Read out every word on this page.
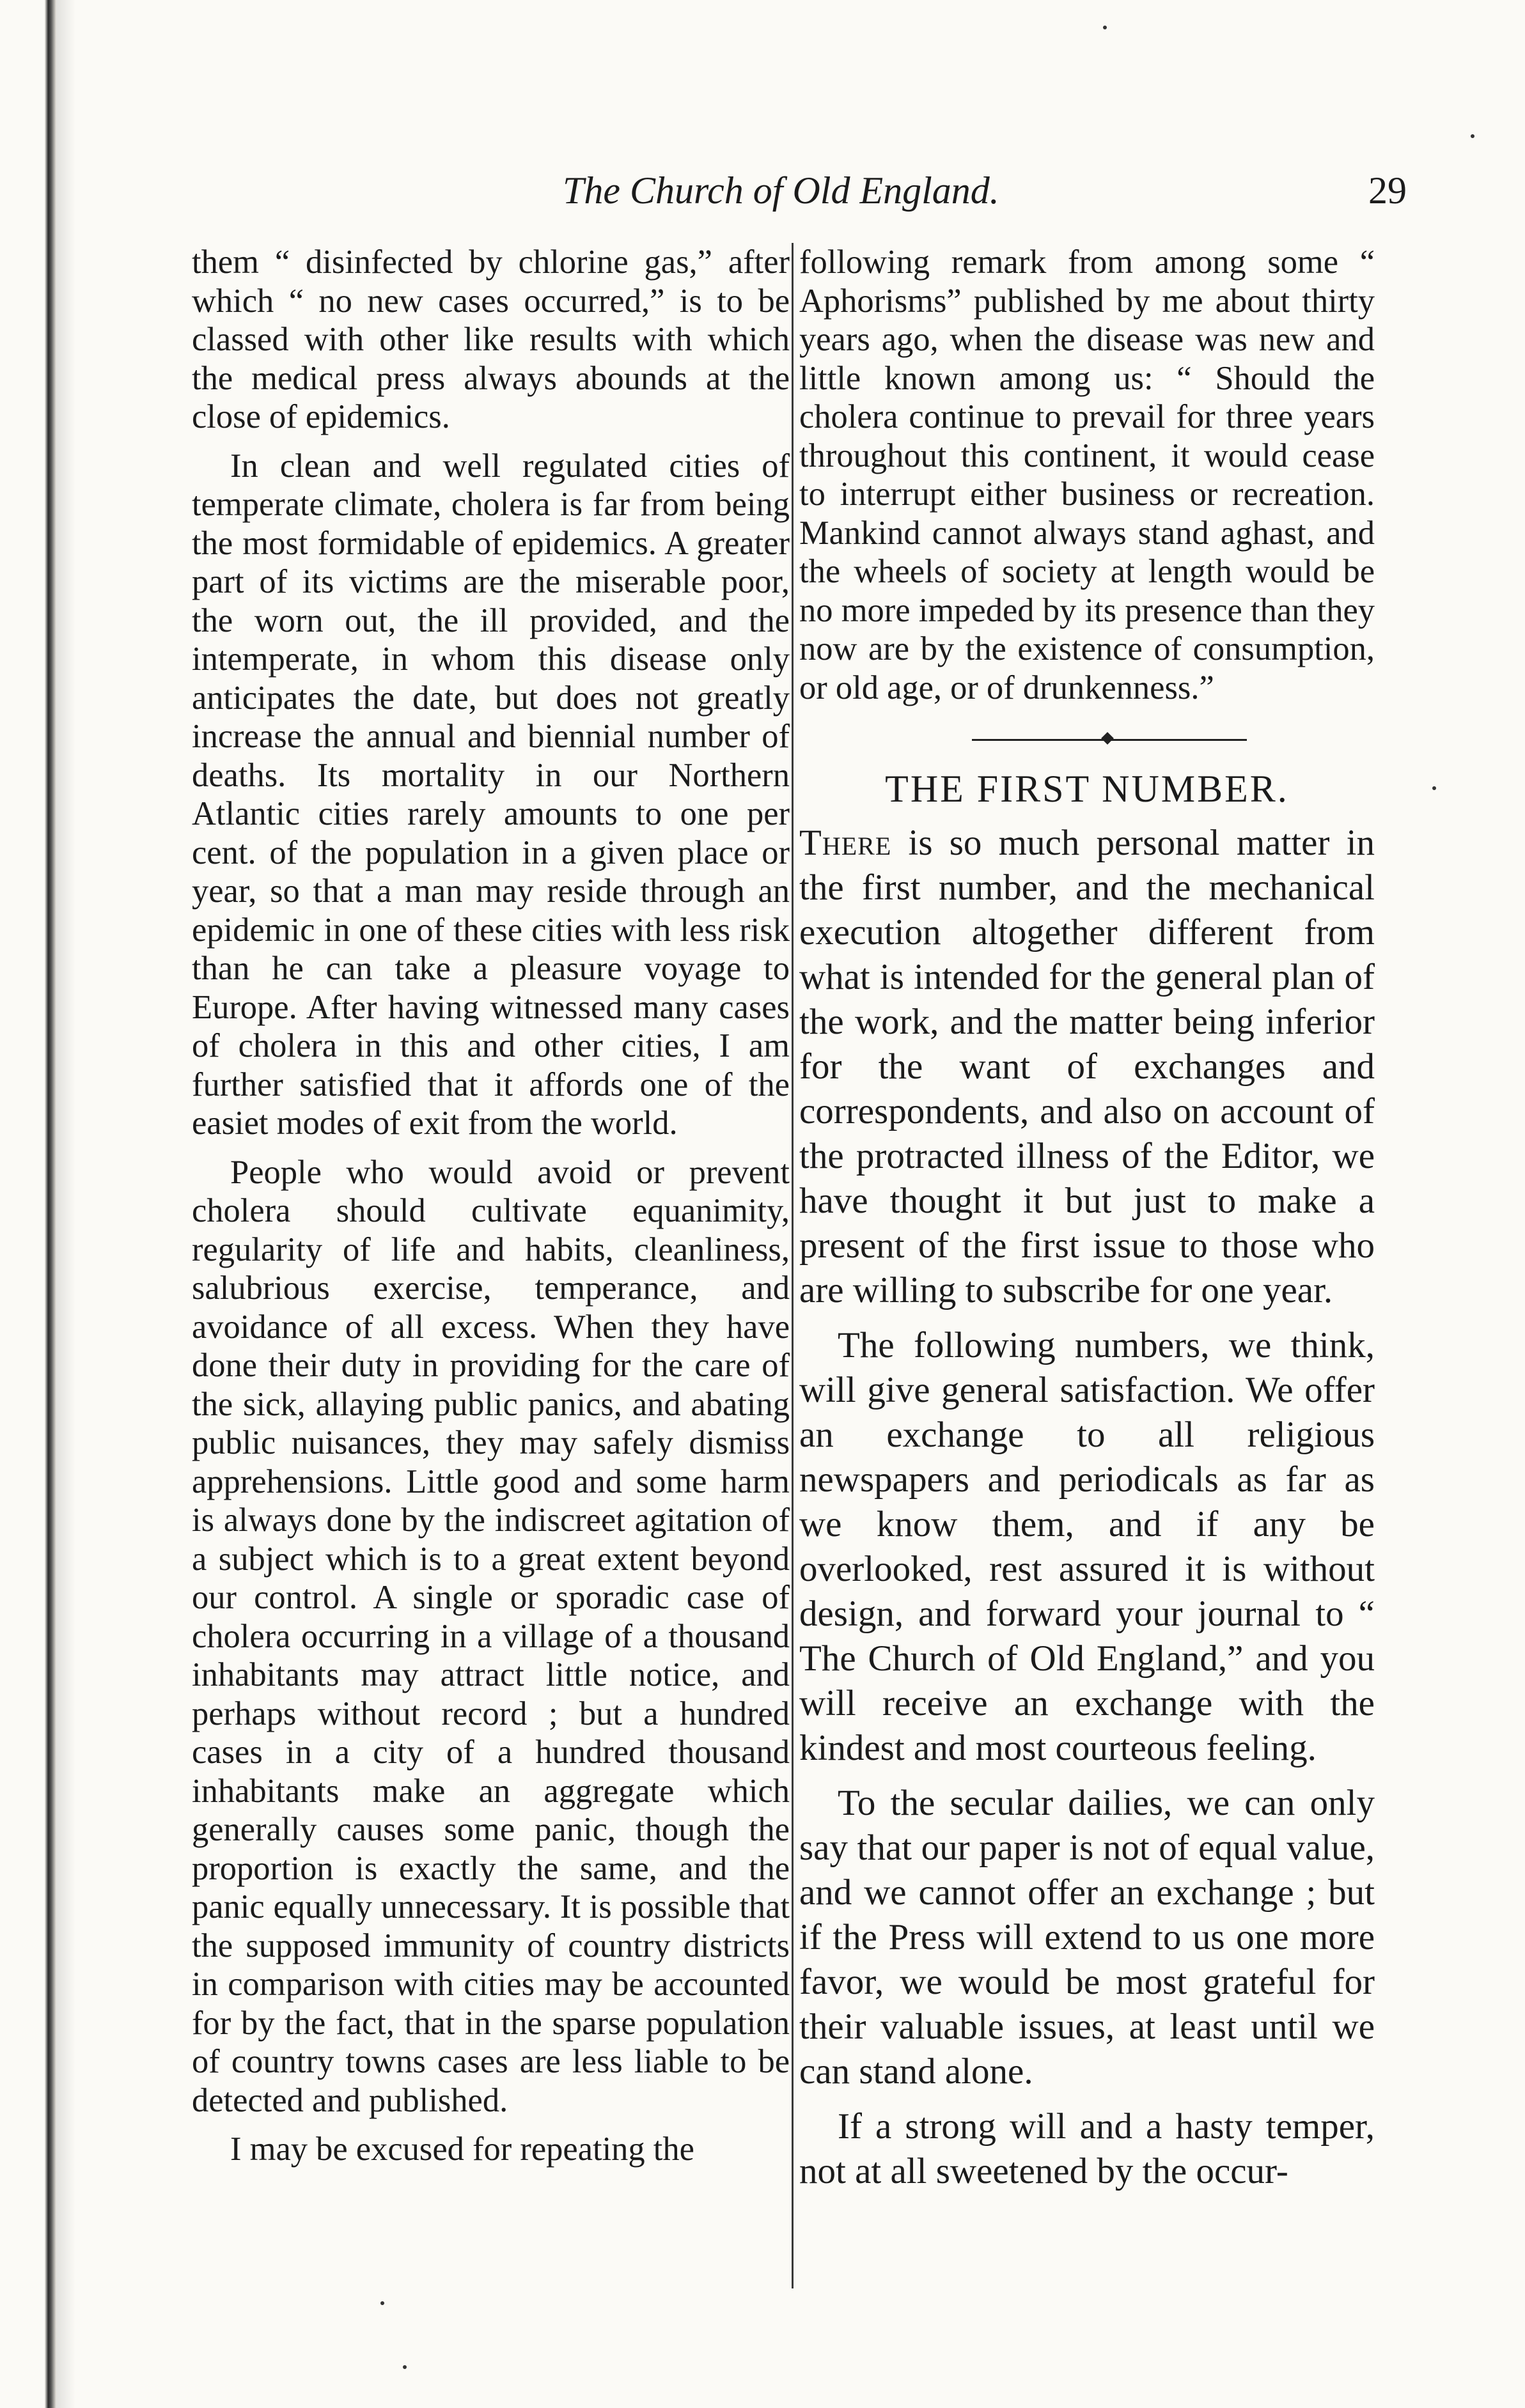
The Church of Old England.	29

them “ disinfected by chlorine gas,” after which “ no new cases occurred,” is to be classed with other like results with which the medical press always abounds at the close of epidemics.

In clean and well regulated cities of temperate climate, cholera is far from being the most formidable of epidemics. A greater part of its victims are the miserable poor, the worn out, the ill provided, and the intemperate, in whom this disease only anticipates the date, but does not greatly increase the annual and biennial number of deaths. Its mortality in our Northern Atlantic cities rarely amounts to one per cent. of the population in a given place or year, so that a man may reside through an epidemic in one of these cities with less risk than he can take a pleasure voyage to Europe. After having witnessed many cases of cholera in this and other cities, I am further satisfied that it affords one of the easiet modes of exit from the world.

People who would avoid or prevent cholera should cultivate equanimity, regularity of life and habits, cleanliness, salubrious exercise, temperance, and avoidance of all excess. When they have done their duty in providing for the care of the sick, allaying public panics, and abating public nuisances, they may safely dismiss apprehensions. Little good and some harm is always done by the indiscreet agitation of a subject which is to a great extent beyond our control. A single or sporadic case of cholera occurring in a village of a thousand inhabitants may attract little notice, and perhaps without record ; but a hundred cases in a city of a hundred thousand inhabitants make an aggregate which generally causes some panic, though the proportion is exactly the same, and the panic equally unnecessary. It is possible that the supposed immunity of country districts in comparison with cities may be accounted for by the fact, that in the sparse population of country towns cases are less liable to be detected and published.

I may be excused for repeating the

following remark from among some “ Aphorisms” published by me about thirty years ago, when the disease was new and little known among us: “ Should the cholera continue to prevail for three years throughout this continent, it would cease to interrupt either business or recreation. Mankind cannot always stand aghast, and the wheels of society at length would be no more impeded by its presence than they now are by the existence of consumption, or old age, or of drunkenness.”

THE FIRST NUMBER.

There is so much personal matter in the first number, and the mechanical execution altogether different from what is intended for the general plan of the work, and the matter being inferior for the want of exchanges and correspondents, and also on account of the protracted illness of the Editor, we have thought it but just to make a present of the first issue to those who are willing to subscribe for one year.

The following numbers, we think, will give general satisfaction. We offer an exchange to all religious newspapers and periodicals as far as we know them, and if any be overlooked, rest assured it is without design, and forward your journal to “ The Church of Old England,” and you will receive an exchange with the kindest and most courteous feeling.

To the secular dailies, we can only say that our paper is not of equal value, and we cannot offer an exchange ; but if the Press will extend to us one more favor, we would be most grateful for their valuable issues, at least until we can stand alone.

If a strong will and a hasty temper, not at all sweetened by the occur-
